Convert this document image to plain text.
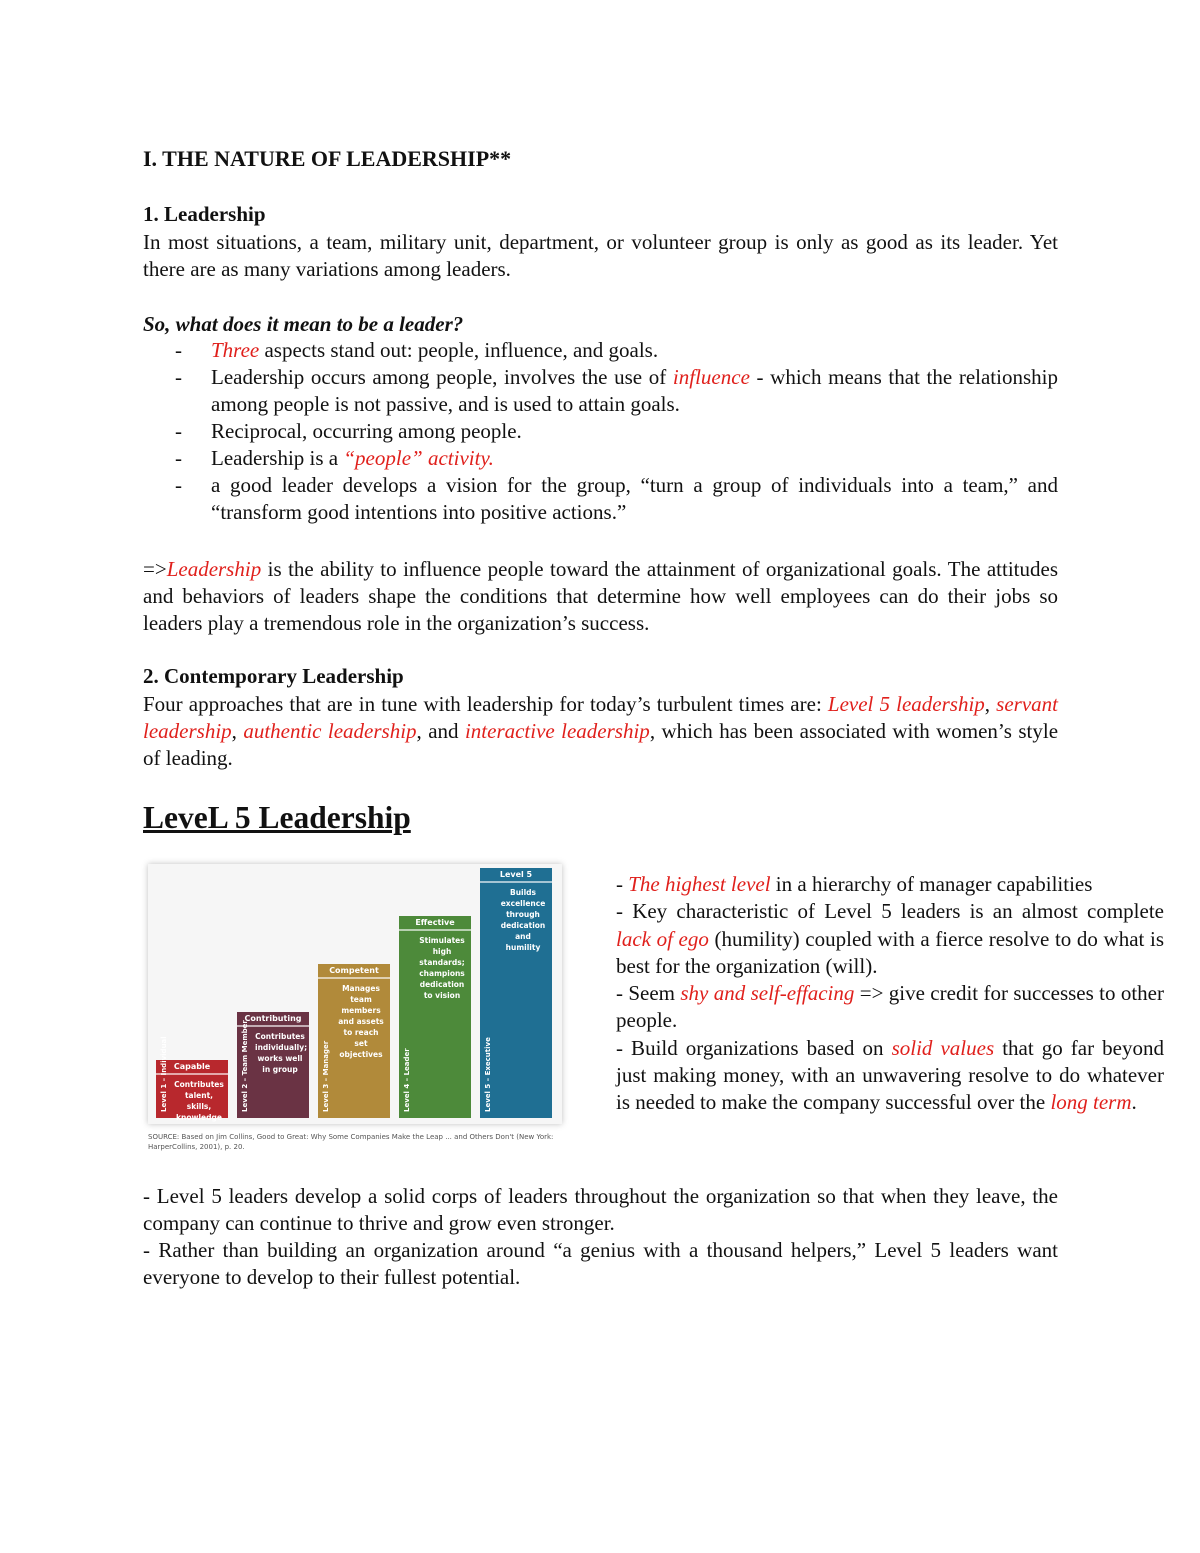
I. THE NATURE OF LEADERSHIP**
1. Leadership

In most situations, a team, military unit, department, or volunteer group is only as good as its leader. Yet there are as many variations among leaders.

So, what does it mean to be a leader?

- Three aspects stand out: people, influence, and goals.
- Leadership occurs among people, involves the use of influence - which means that the relationship among people is not passive, and is used to attain goals.
- Reciprocal, occurring among people.
- Leadership is a “people” activity.
- a good leader develops a vision for the group, “turn a group of individuals into a team,” and “transform good intentions into positive actions.”

=>Leadership is the ability to influence people toward the attainment of organizational goals. The attitudes and behaviors of leaders shape the conditions that determine how well employees can do their jobs so leaders play a tremendous role in the organization’s success.

2. Contemporary Leadership

Four approaches that are in tune with leadership for today’s turbulent times are: Level 5 leadership, servant leadership, authentic leadership, and interactive leadership, which has been associated with women’s style of leading.

LeveL 5 Leadership
Capable
Contributes talent, skills, knowledge
Level 1 – Individual
Contributing
Contributes individually; works well in group
Level 2 – Team Member
Competent
Manages team members and assets to reach set objectives
Level 3 – Manager
Effective
Stimulates high standards; champions dedication to vision
Level 4 – Leader
Level 5
Builds excellence through dedication and humility
Level 5 – Executive
SOURCE: Based on Jim Collins, Good to Great: Why Some Companies Make the Leap ... and Others Don't (New York: HarperCollins, 2001), p. 20.

- The highest level in a hierarchy of manager capabilities

- Key characteristic of Level 5 leaders is an almost complete lack of ego (humility) coupled with a fierce resolve to do what is best for the organization (will).

- Seem shy and self-effacing => give credit for successes to other people.

- Build organizations based on solid values that go far beyond just making money, with an unwavering resolve to do whatever is needed to make the company successful over the long term.

- Level 5 leaders develop a solid corps of leaders throughout the organization so that when they leave, the company can continue to thrive and grow even stronger.

- Rather than building an organization around “a genius with a thousand helpers,” Level 5 leaders want everyone to develop to their fullest potential.
